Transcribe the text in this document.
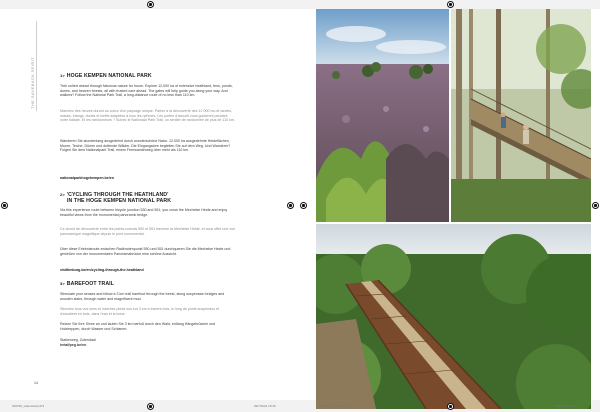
THE SAVEBACK SPIRIT	1> HOGE KEMPEN NATIONAL PARK
Trek united ahead through fabulous nature for hours. Explore 12,000 ha of extensive heathland, fens, ponds, dunes, and heaven forests, all with trusted care ahead. The gates will help guide you along your way. And walkers? Follow the National Park Trail, a long-distance route of no less than 110 km.
Marchez des heures durant au coeur d'un paysage unique. Partez à la découverte des 12 000 ha de landes, marais, étangs, dunes et forêts adaptées à tous les rythmes. Les portes d'accueil vous guideront pendant votre balade. Et les randonneurs ? Suivez le Nationaal Park Trail, un sentier de randonnée de plus de 110 km.
Wanderen Sie stundenlang ausgedehnt durch wunderschöne Natur. 12.000 ha ausgedehnte Heideflächen, Moore, Teiche, Dünen und duftende Wälder. Die Eingangstore begleiten Sie auf dem Weg. Und Wanderer? Folgen Sie dem Nationalpark Trail, einem Fernwanderweg über mehr als 110 km.
nationalparkhogekempen.be/en
2> 'CYCLING THROUGH THE HEATHLAND'
IN THE HOGE KEMPEN NATIONAL PARK
Via this experience route between bicycle junction 530 and 551, you cross the Mechelse Heide and enjoy beautiful views from the monumental panoramic bridge.
Ce circuit de découverte entre les points-noeuds 550 et 551 traverse la Mechelse Heide, et vous offre une vue panoramique magnifique depuis le pont monumental.
Über diese Erlebnisroute zwischen Radknotenpunkt 550 und 551 durchqueren Sie die Mechelse Heide und genießen von der monumentalen Panoramabrücke eine schöne Aussicht.
visitlimburg.be/en/cycling-through-the-heathland
3> BAREFOOT TRAIL
Stimulate your senses and follow a 3 km trail barefoot through the forest, along suspension bridges and wooden stairs, through water and magnificent mud.
Stimulez tous vos sens et marchez pieds nus sur 3 km à travers bois, le long de ponts suspendus et d'escaliers en bois, dans l'eau et la boue.
Reizen Sie Ihre Sinne an und laufen Sie 3 km barfuß durch den Wald, entlang Hängebrücken und Holztreppen, durch Wasser und Schlamm.
Stalkerweg, Zutendaal
hetalfpeg.be/en
14
020790_waterstad.pdf 9	09/7/2022 15:46	020790_waterstad.pdf 9	09/7/2022 15:46
